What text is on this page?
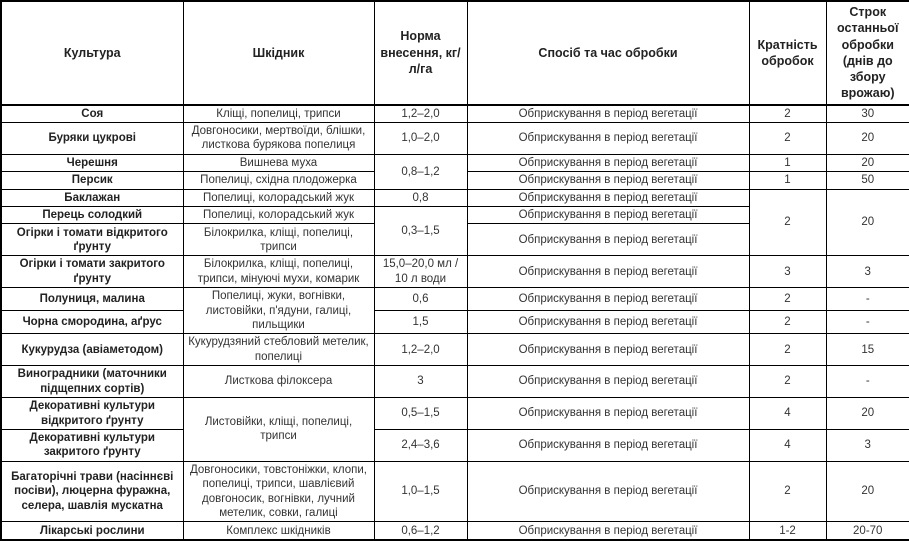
Культура	Шкідник	Норма внесення, кг/л/га	Спосіб та час обробки	Кратність обробок	Строк останньої обробки (днів до збору врожаю)
Соя	Кліщі, попелиці, трипси	1,2–2,0	Обприскування в період вегетації	2	30
Буряки цукрові	Довгоносики, мертвоїди, блішки, листкова бурякова попелиця	1,0–2,0	Обприскування в період вегетації	2	20
Черешня	Вишнева муха	0,8–1,2	Обприскування в період вегетації	1	20
Персик	Попелиці, східна плодожерка		Обприскування в період вегетації	1	50
Баклажан	Попелиці, колорадський жук	0,8	Обприскування в період вегетації	2	20
Перець солодкий	Попелиці, колорадський жук	0,3–1,5	Обприскування в період вегетації		
Огірки і томати відкритого ґрунту	Білокрилка, кліщі, попелиці, трипси		Обприскування в період вегетації		
Огірки і томати закритого ґрунту	Білокрилка, кліщі, попелиці, трипси, мінуючі мухи, комарик	15,0–20,0 мл / 10 л води	Обприскування в період вегетації	3	3
Полуниця, малина	Попелиці, жуки, вогнівки, листовійки, п'ядуни, галиці, пильщики	0,6	Обприскування в період вегетації	2	-
Чорна смородина, аґрус		1,5	Обприскування в період вегетації	2	-
Кукурудза (авіаметодом)	Кукурудзяний стебловий метелик, попелиці	1,2–2,0	Обприскування в період вегетації	2	15
Виноградники (маточники підщепних сортів)	Листкова філоксера	3	Обприскування в період вегетації	2	-
Декоративні культури відкритого ґрунту	Листовійки, кліщі, попелиці, трипси	0,5–1,5	Обприскування в період вегетації	4	20
Декоративні культури закритого ґрунту		2,4–3,6	Обприскування в період вегетації	4	3
Багаторічні трави (насіннєві посіви), люцерна фуражна, селера, шавлія мускатна	Довгоносики, товстоніжки, клопи, попелиці, трипси, шавлієвий довгоносик, вогнівки, лучний метелик, совки, галиці	1,0–1,5	Обприскування в період вегетації	2	20
Лікарські рослини	Комплекс шкідників	0,6–1,2	Обприскування в період вегетації	1-2	20-70
